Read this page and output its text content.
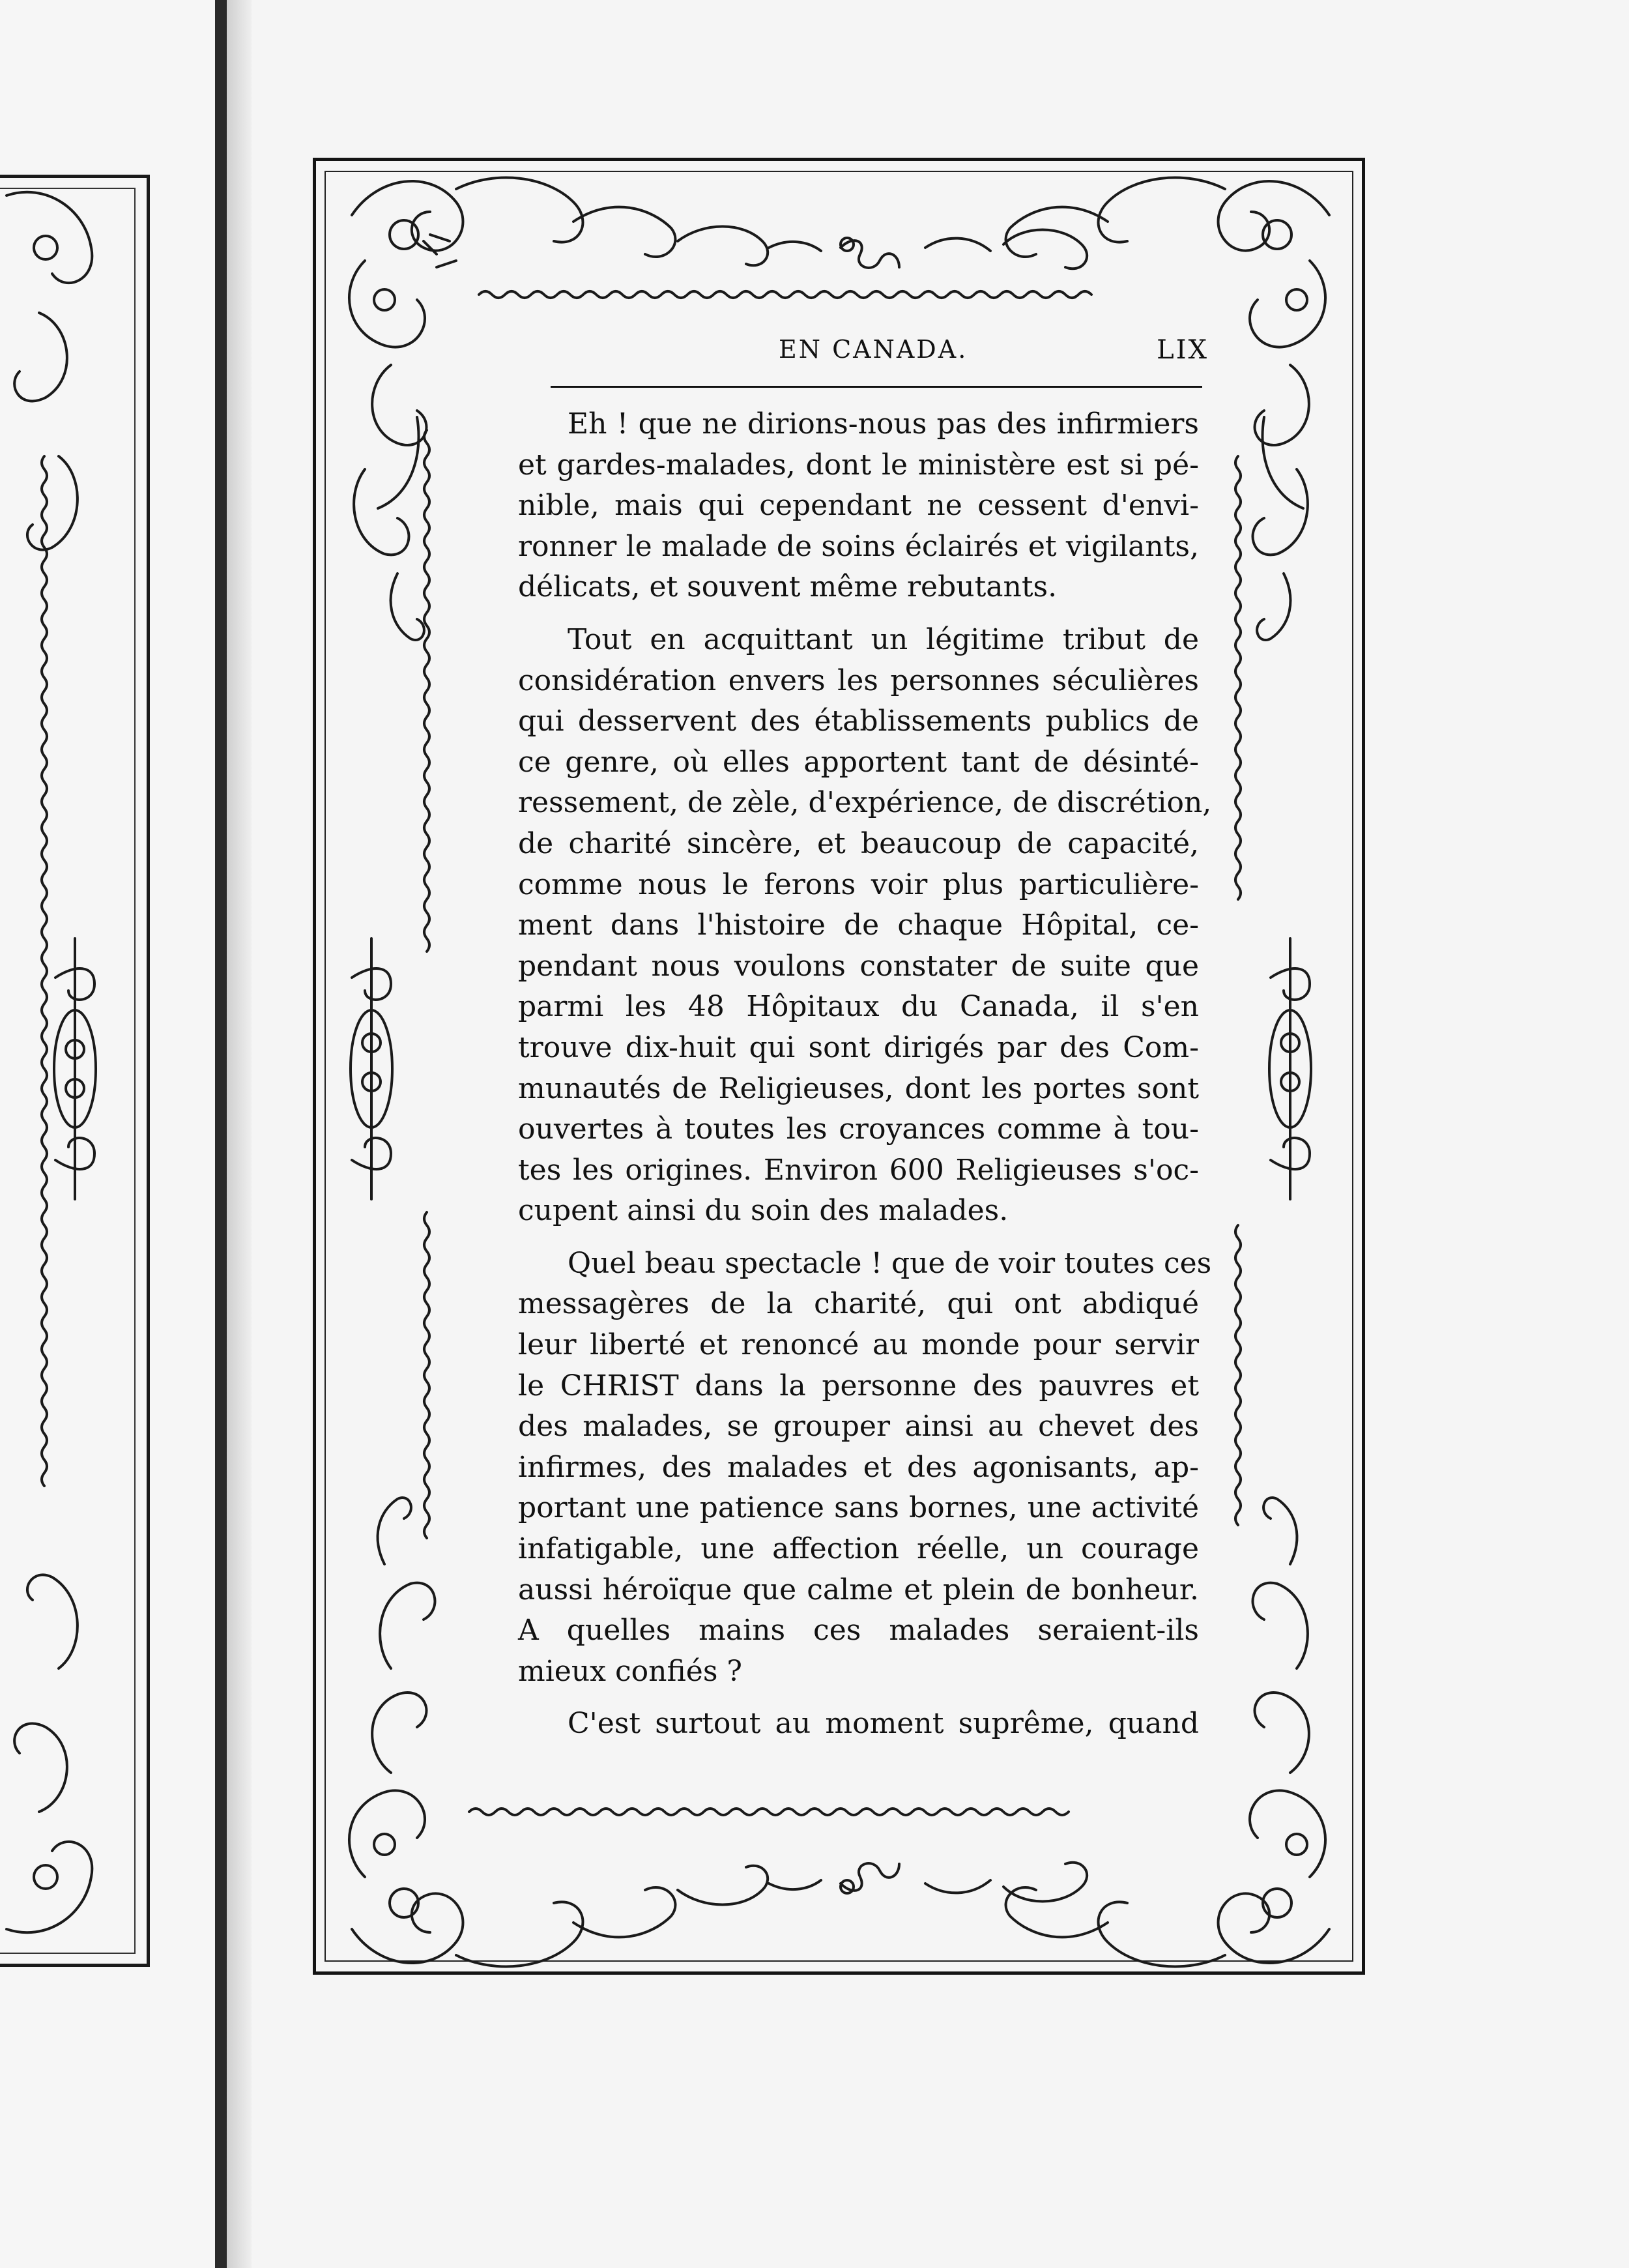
EN CANADA.	LIX

Eh ! que ne dirions-nous pas des infirmiers
et gardes-malades, dont le ministère est si pé-
nible, mais qui cependant ne cessent d'envi-
ronner le malade de soins éclairés et vigilants,
délicats, et souvent même rebutants.

Tout en acquittant un légitime tribut de
considération envers les personnes séculières
qui desservent des établissements publics de
ce genre, où elles apportent tant de désinté-
ressement, de zèle, d'expérience, de discrétion,
de charité sincère, et beaucoup de capacité,
comme nous le ferons voir plus particulière-
ment dans l'histoire de chaque Hôpital, ce-
pendant nous voulons constater de suite que
parmi les 48 Hôpitaux du Canada, il s'en
trouve dix-huit qui sont dirigés par des Com-
munautés de Religieuses, dont les portes sont
ouvertes à toutes les croyances comme à tou-
tes les origines. Environ 600 Religieuses s'oc-
cupent ainsi du soin des malades.

Quel beau spectacle ! que de voir toutes ces
messagères de la charité, qui ont abdiqué
leur liberté et renoncé au monde pour servir
le CHRIST dans la personne des pauvres et
des malades, se grouper ainsi au chevet des
infirmes, des malades et des agonisants, ap-
portant une patience sans bornes, une activité
infatigable, une affection réelle, un courage
aussi héroïque que calme et plein de bonheur.
A quelles mains ces malades seraient-ils
mieux confiés ?

C'est surtout au moment suprême, quand
